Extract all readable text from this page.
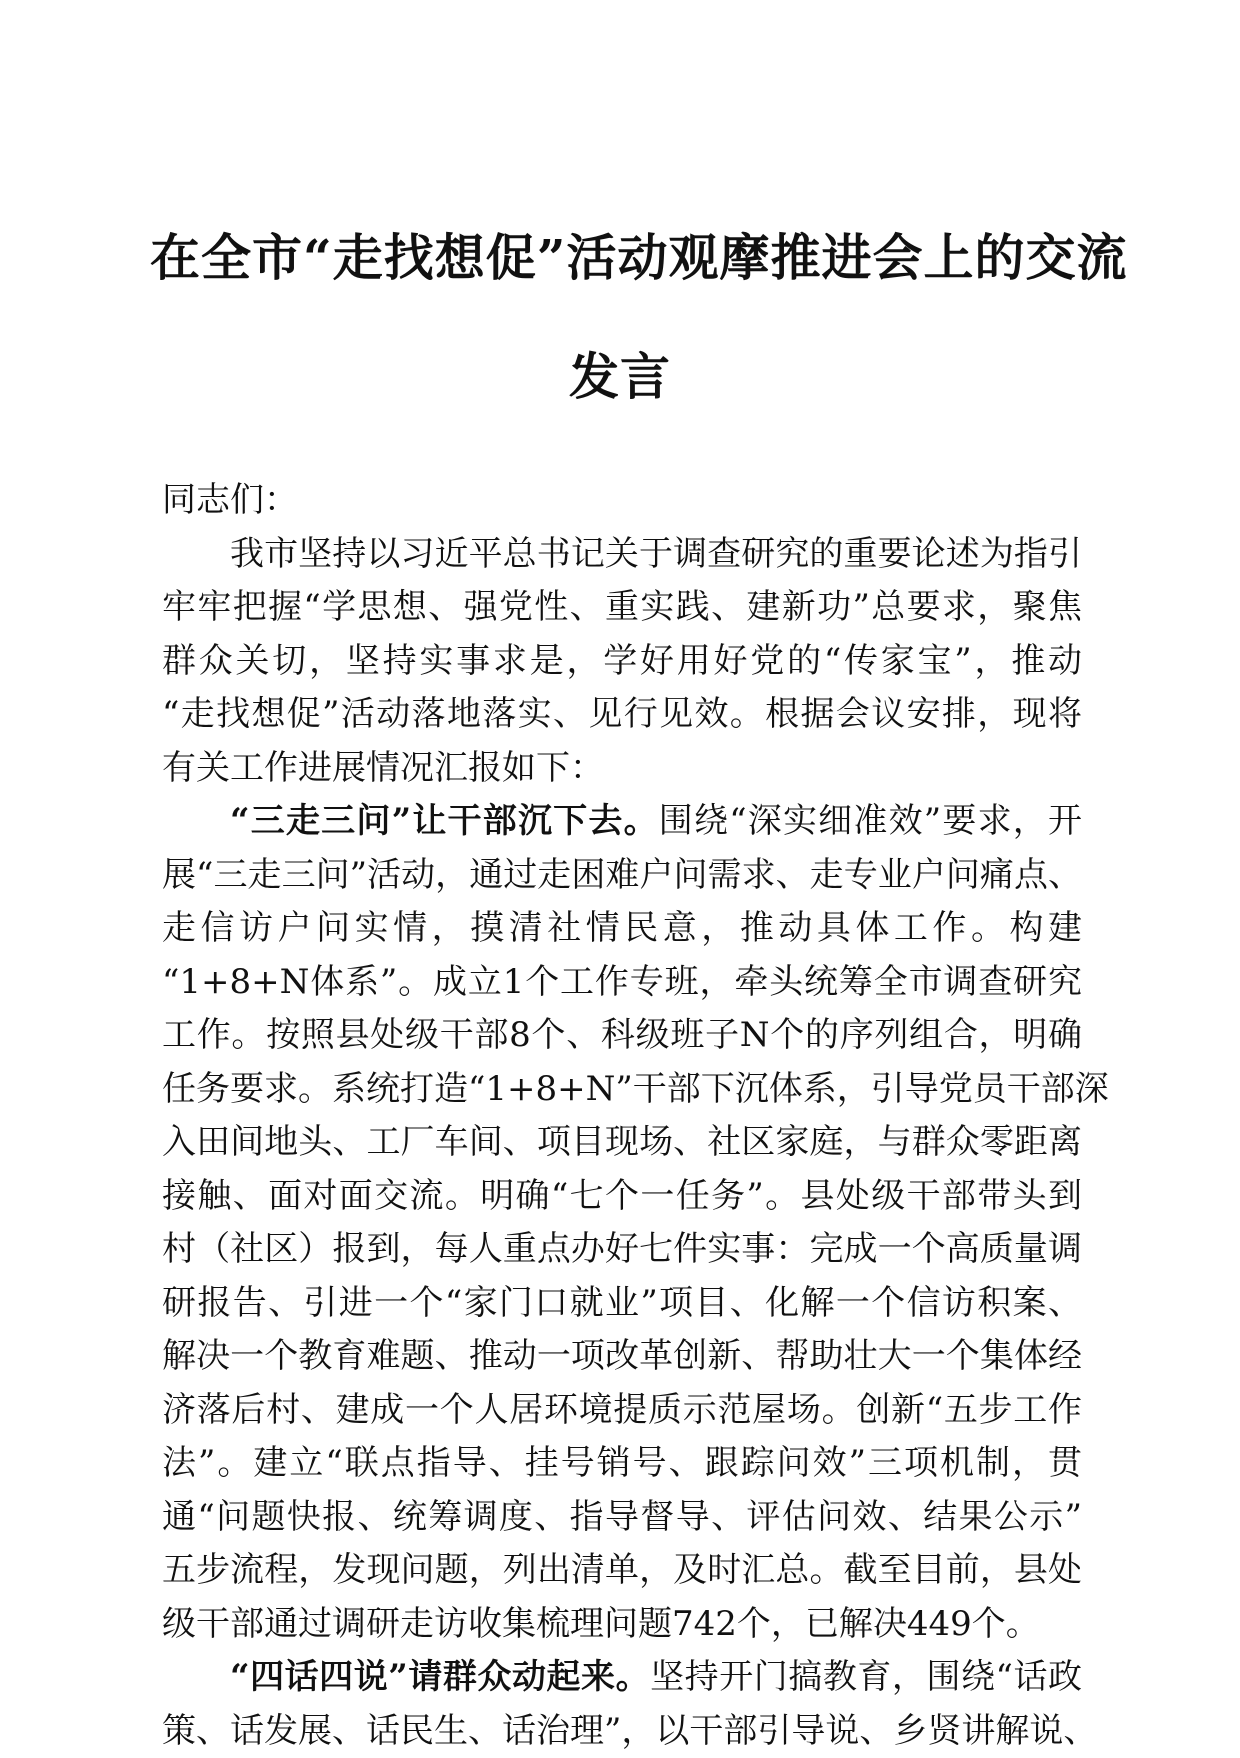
在全市“走找想促”活动观摩推进会上的交流
发言
同志们：
我市坚持以习近平总书记关于调查研究的重要论述为指引
牢牢把握“学思想、强党性、重实践、建新功”总要求，聚焦
群众关切，坚持实事求是，学好用好党的“传家宝”，推动
“走找想促”活动落地落实、见行见效。根据会议安排，现将
有关工作进展情况汇报如下：
“三走三问”让干部沉下去。围绕“深实细准效”要求，开
展“三走三问”活动，通过走困难户问需求、走专业户问痛点、
走信访户问实情，摸清社情民意，推动具体工作。构建
“1+8+N体系”。成立1个工作专班，牵头统筹全市调查研究
工作。按照县处级干部8个、科级班子N个的序列组合，明确
任务要求。系统打造“1+8+N”干部下沉体系，引导党员干部深
入田间地头、工厂车间、项目现场、社区家庭，与群众零距离
接触、面对面交流。明确“七个一任务”。县处级干部带头到
村（社区）报到，每人重点办好七件实事：完成一个高质量调
研报告、引进一个“家门口就业”项目、化解一个信访积案、
解决一个教育难题、推动一项改革创新、帮助壮大一个集体经
济落后村、建成一个人居环境提质示范屋场。创新“五步工作
法”。建立“联点指导、挂号销号、跟踪问效”三项机制，贯
通“问题快报、统筹调度、指导督导、评估问效、结果公示”
五步流程，发现问题，列出清单，及时汇总。截至目前，县处
级干部通过调研走访收集梳理问题742个，已解决449个。
“四话四说”请群众动起来。坚持开门搞教育，围绕“话政
策、话发展、话民生、话治理”，以干部引导说、乡贤讲解说、
